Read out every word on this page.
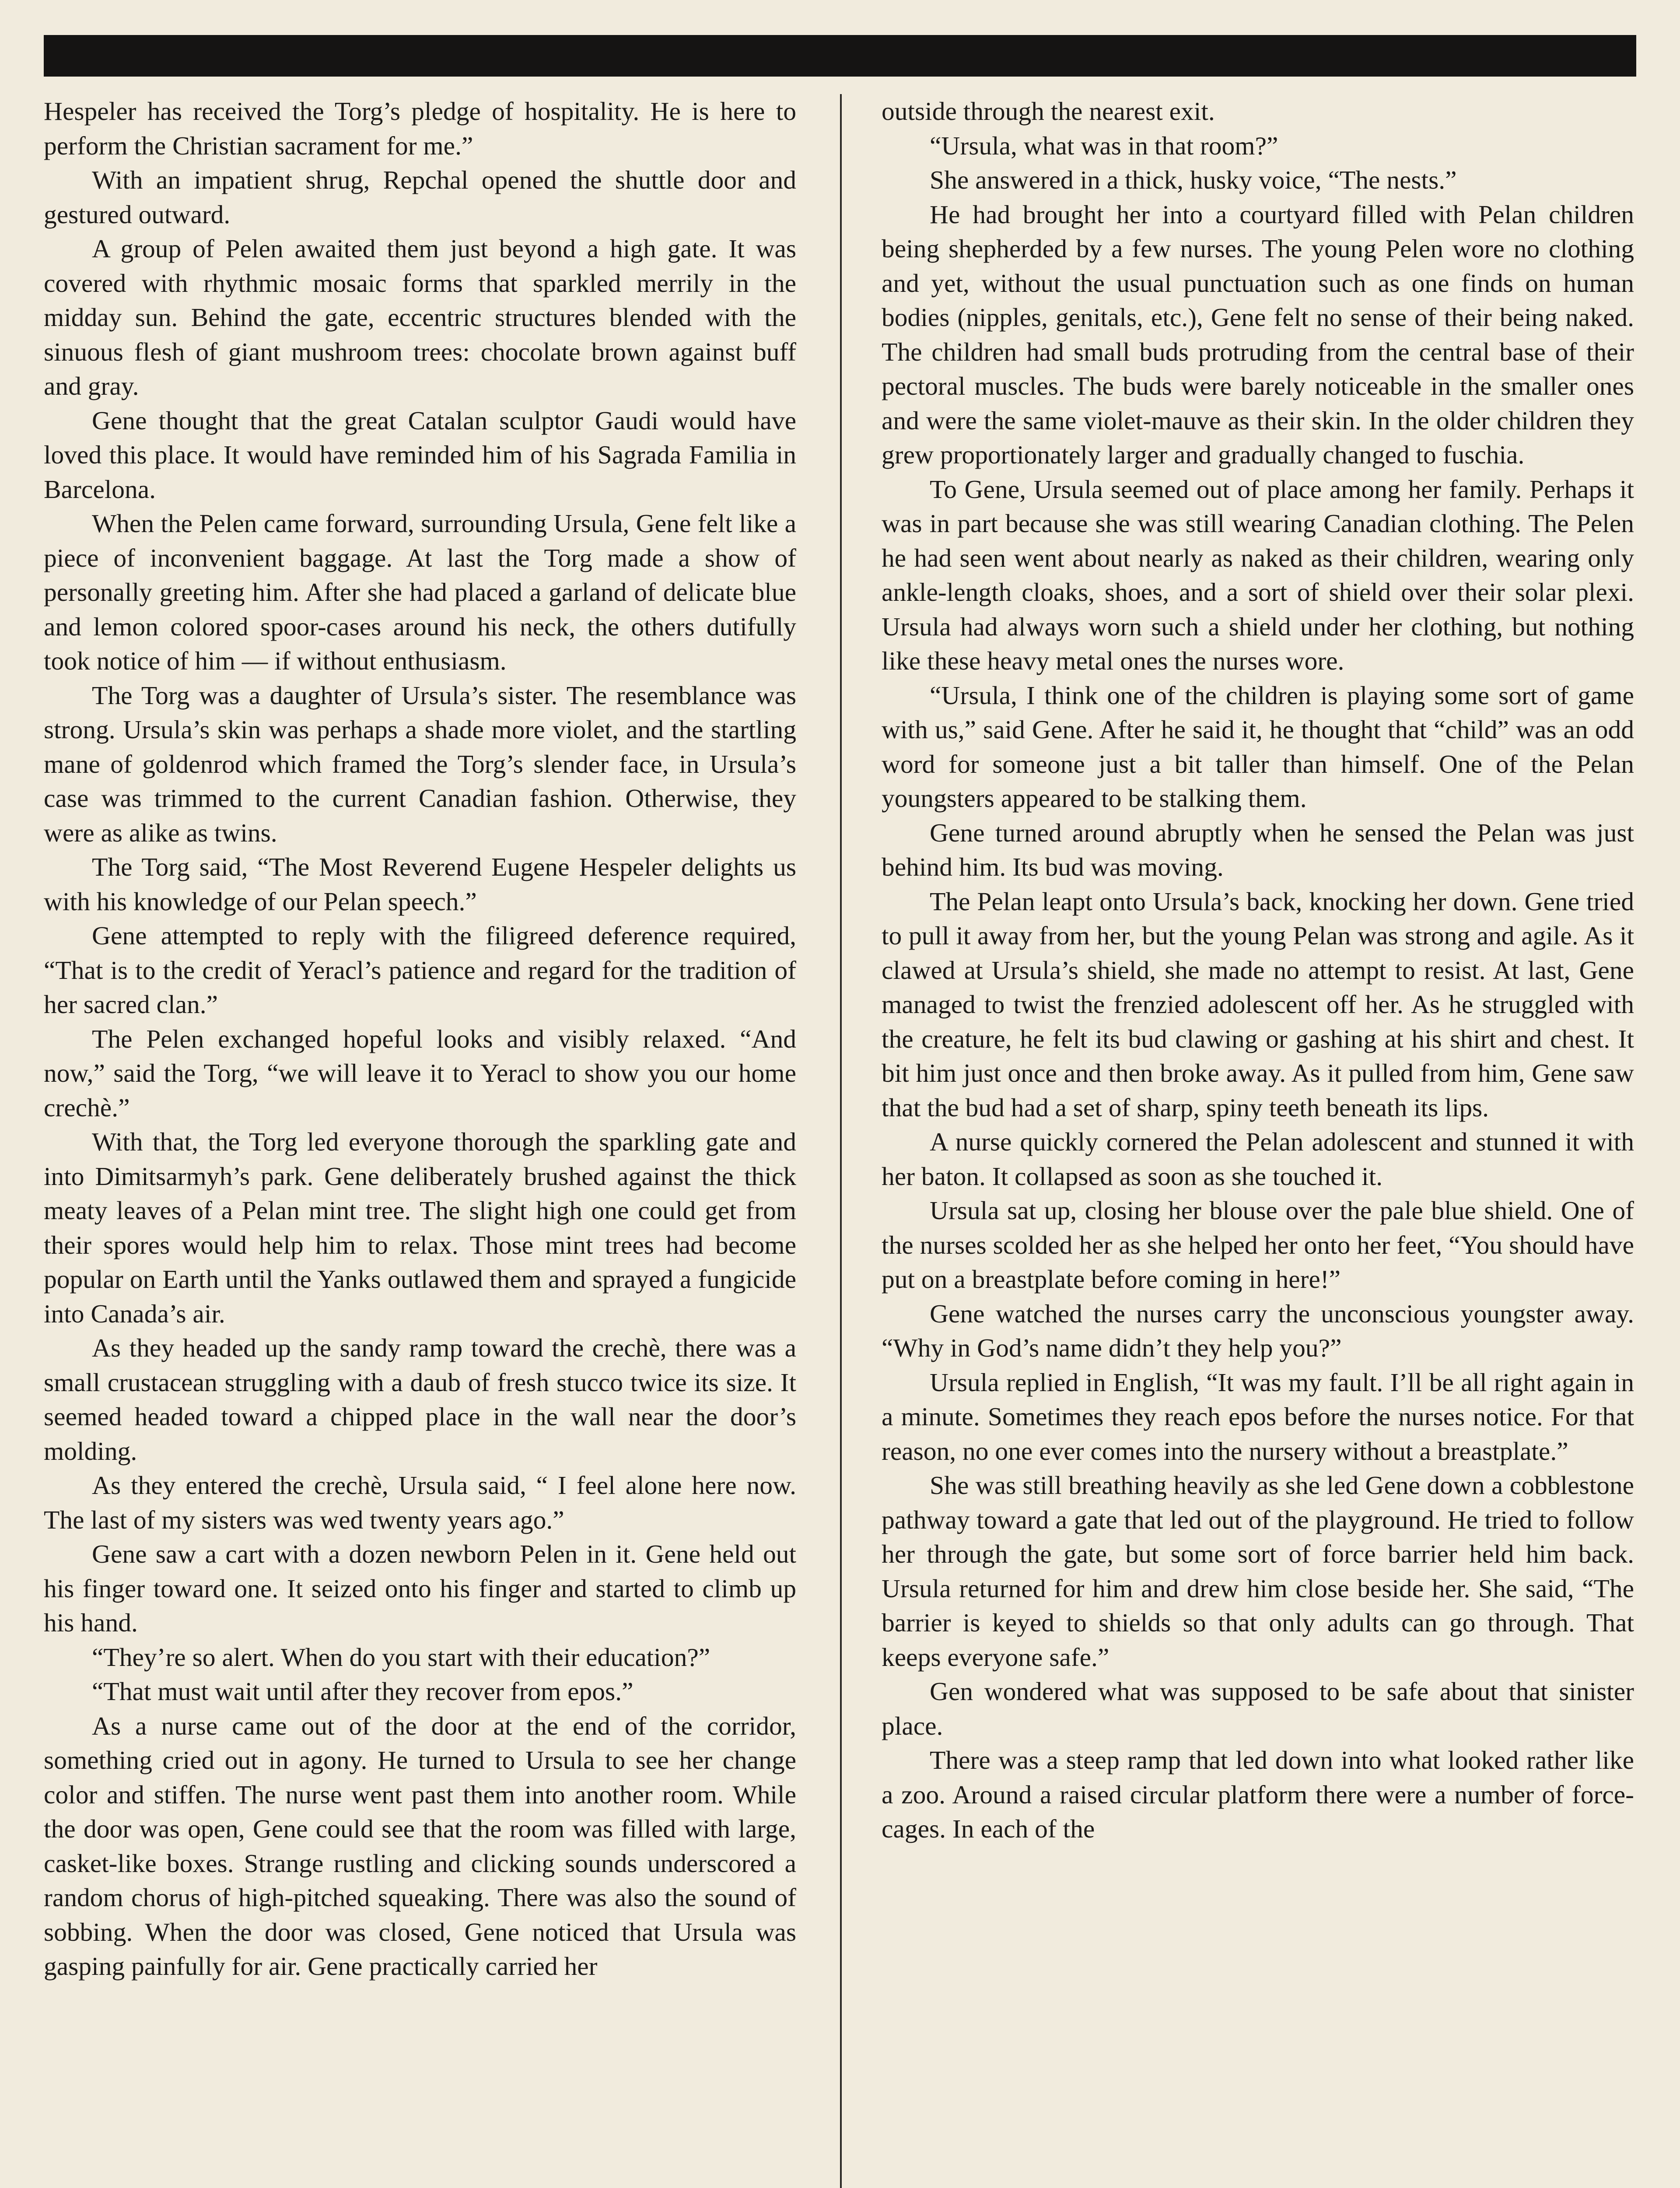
Hespeler has received the Torg’s pledge of hospitality. He is here to perform the Christian sacrament for me.”

With an impatient shrug, Repchal opened the shuttle door and gestured outward.

A group of Pelen awaited them just beyond a high gate. It was covered with rhythmic mosaic forms that sparkled merrily in the midday sun. Behind the gate, eccentric structures blended with the sinuous flesh of giant mushroom trees: chocolate brown against buff and gray.

Gene thought that the great Catalan sculptor Gaudi would have loved this place. It would have reminded him of his Sagrada Familia in Barcelona.

When the Pelen came forward, surrounding Ursula, Gene felt like a piece of inconvenient baggage. At last the Torg made a show of personally greeting him. After she had placed a garland of delicate blue and lemon colored spoor-cases around his neck, the others dutifully took notice of him — if without enthusiasm.

The Torg was a daughter of Ursula’s sister. The resemblance was strong. Ursula’s skin was perhaps a shade more violet, and the startling mane of goldenrod which framed the Torg’s slender face, in Ursula’s case was trimmed to the current Canadian fashion. Otherwise, they were as alike as twins.

The Torg said, “The Most Reverend Eugene Hespeler delights us with his knowledge of our Pelan speech.”

Gene attempted to reply with the filigreed deference required, “That is to the credit of Yeracl’s patience and regard for the tradition of her sacred clan.”

The Pelen exchanged hopeful looks and visibly relaxed. “And now,” said the Torg, “we will leave it to Yeracl to show you our home crechè.”

With that, the Torg led everyone thorough the sparkling gate and into Dimitsarmyh’s park. Gene deliberately brushed against the thick meaty leaves of a Pelan mint tree. The slight high one could get from their spores would help him to relax. Those mint trees had become popular on Earth until the Yanks outlawed them and sprayed a fungicide into Canada’s air.

As they headed up the sandy ramp toward the crechè, there was a small crustacean struggling with a daub of fresh stucco twice its size. It seemed headed toward a chipped place in the wall near the door’s molding.

As they entered the crechè, Ursula said, “ I feel alone here now. The last of my sisters was wed twenty years ago.”

Gene saw a cart with a dozen newborn Pelen in it. Gene held out his finger toward one. It seized onto his finger and started to climb up his hand.

“They’re so alert. When do you start with their education?”

“That must wait until after they recover from epos.”

As a nurse came out of the door at the end of the corridor, something cried out in agony. He turned to Ursula to see her change color and stiffen. The nurse went past them into another room. While the door was open, Gene could see that the room was filled with large, casket-like boxes. Strange rustling and clicking sounds underscored a random chorus of high-pitched squeaking. There was also the sound of sobbing. When the door was closed, Gene noticed that Ursula was gasping painfully for air. Gene practically carried her

outside through the nearest exit.

“Ursula, what was in that room?”

She answered in a thick, husky voice, “The nests.”

He had brought her into a courtyard filled with Pelan children being shepherded by a few nurses. The young Pelen wore no clothing and yet, without the usual punctuation such as one finds on human bodies (nipples, genitals, etc.), Gene felt no sense of their being naked. The children had small buds protruding from the central base of their pectoral muscles. The buds were barely noticeable in the smaller ones and were the same violet-mauve as their skin. In the older children they grew proportionately larger and gradually changed to fuschia.

To Gene, Ursula seemed out of place among her family. Perhaps it was in part because she was still wearing Canadian clothing. The Pelen he had seen went about nearly as naked as their children, wearing only ankle-length cloaks, shoes, and a sort of shield over their solar plexi. Ursula had always worn such a shield under her clothing, but nothing like these heavy metal ones the nurses wore.

“Ursula, I think one of the children is playing some sort of game with us,” said Gene. After he said it, he thought that “child” was an odd word for someone just a bit taller than himself. One of the Pelan youngsters appeared to be stalking them.

Gene turned around abruptly when he sensed the Pelan was just behind him. Its bud was moving.

The Pelan leapt onto Ursula’s back, knocking her down. Gene tried to pull it away from her, but the young Pelan was strong and agile. As it clawed at Ursula’s shield, she made no attempt to resist. At last, Gene managed to twist the frenzied adolescent off her. As he struggled with the creature, he felt its bud clawing or gashing at his shirt and chest. It bit him just once and then broke away. As it pulled from him, Gene saw that the bud had a set of sharp, spiny teeth beneath its lips.

A nurse quickly cornered the Pelan adolescent and stunned it with her baton. It collapsed as soon as she touched it.

Ursula sat up, closing her blouse over the pale blue shield. One of the nurses scolded her as she helped her onto her feet, “You should have put on a breastplate before coming in here!”

Gene watched the nurses carry the unconscious youngster away. “Why in God’s name didn’t they help you?”

Ursula replied in English, “It was my fault. I’ll be all right again in a minute. Sometimes they reach epos before the nurses notice. For that reason, no one ever comes into the nursery without a breastplate.”

She was still breathing heavily as she led Gene down a cobblestone pathway toward a gate that led out of the playground. He tried to follow her through the gate, but some sort of force barrier held him back. Ursula returned for him and drew him close beside her. She said, “The barrier is keyed to shields so that only adults can go through. That keeps everyone safe.”

Gen wondered what was supposed to be safe about that sinister place.

There was a steep ramp that led down into what looked rather like a zoo. Around a raised circular platform there were a number of force-cages. In each of the
